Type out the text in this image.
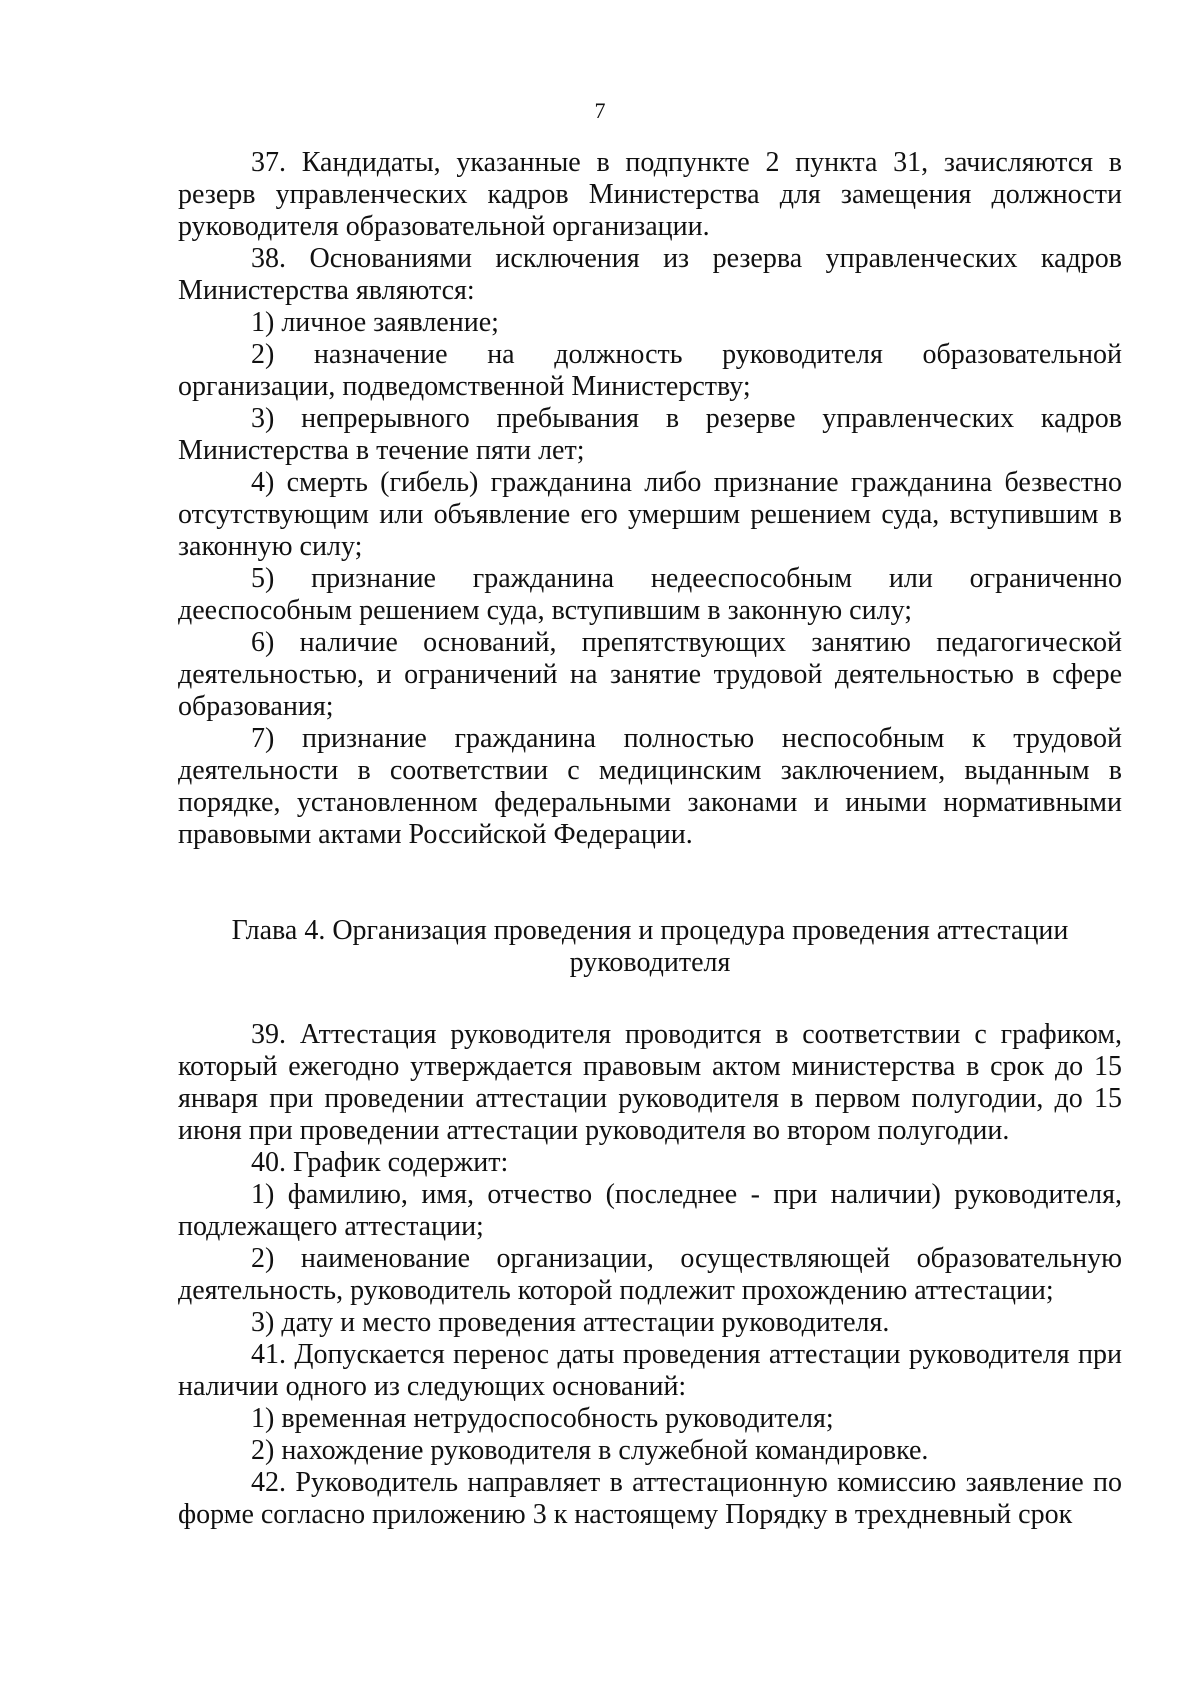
7

37. Кандидаты, указанные в подпункте 2 пункта 31, зачисляются в резерв управленческих кадров Министерства для замещения должности руководителя образовательной организации.

38. Основаниями исключения из резерва управленческих кадров Министерства являются:

1) личное заявление;

2) назначение на должность руководителя образовательной организации, подведомственной Министерству;

3) непрерывного пребывания в резерве управленческих кадров Министерства в течение пяти лет;

4) смерть (гибель) гражданина либо признание гражданина безвестно отсутствующим или объявление его умершим решением суда, вступившим в законную силу;

5) признание гражданина недееспособным или ограниченно дееспособным решением суда, вступившим в законную силу;

6) наличие оснований, препятствующих занятию педагогической деятельностью, и ограничений на занятие трудовой деятельностью в сфере образования;

7) признание гражданина полностью неспособным к трудовой деятельности в соответствии с медицинским заключением, выданным в порядке, установленном федеральными законами и иными нормативными правовыми актами Российской Федерации.

Глава 4. Организация проведения и процедура проведения аттестации
руководителя

39. Аттестация руководителя проводится в соответствии с графиком, который ежегодно утверждается правовым актом министерства в срок до 15 января при проведении аттестации руководителя в первом полугодии, до 15 июня при проведении аттестации руководителя во втором полугодии.

40. График содержит:

1) фамилию, имя, отчество (последнее - при наличии) руководителя, подлежащего аттестации;

2) наименование организации, осуществляющей образовательную деятельность, руководитель которой подлежит прохождению аттестации;

3) дату и место проведения аттестации руководителя.

41. Допускается перенос даты проведения аттестации руководителя при наличии одного из следующих оснований:

1) временная нетрудоспособность руководителя;

2) нахождение руководителя в служебной командировке.

42. Руководитель направляет в аттестационную комиссию заявление по форме согласно приложению 3 к настоящему Порядку в трехдневный срок
